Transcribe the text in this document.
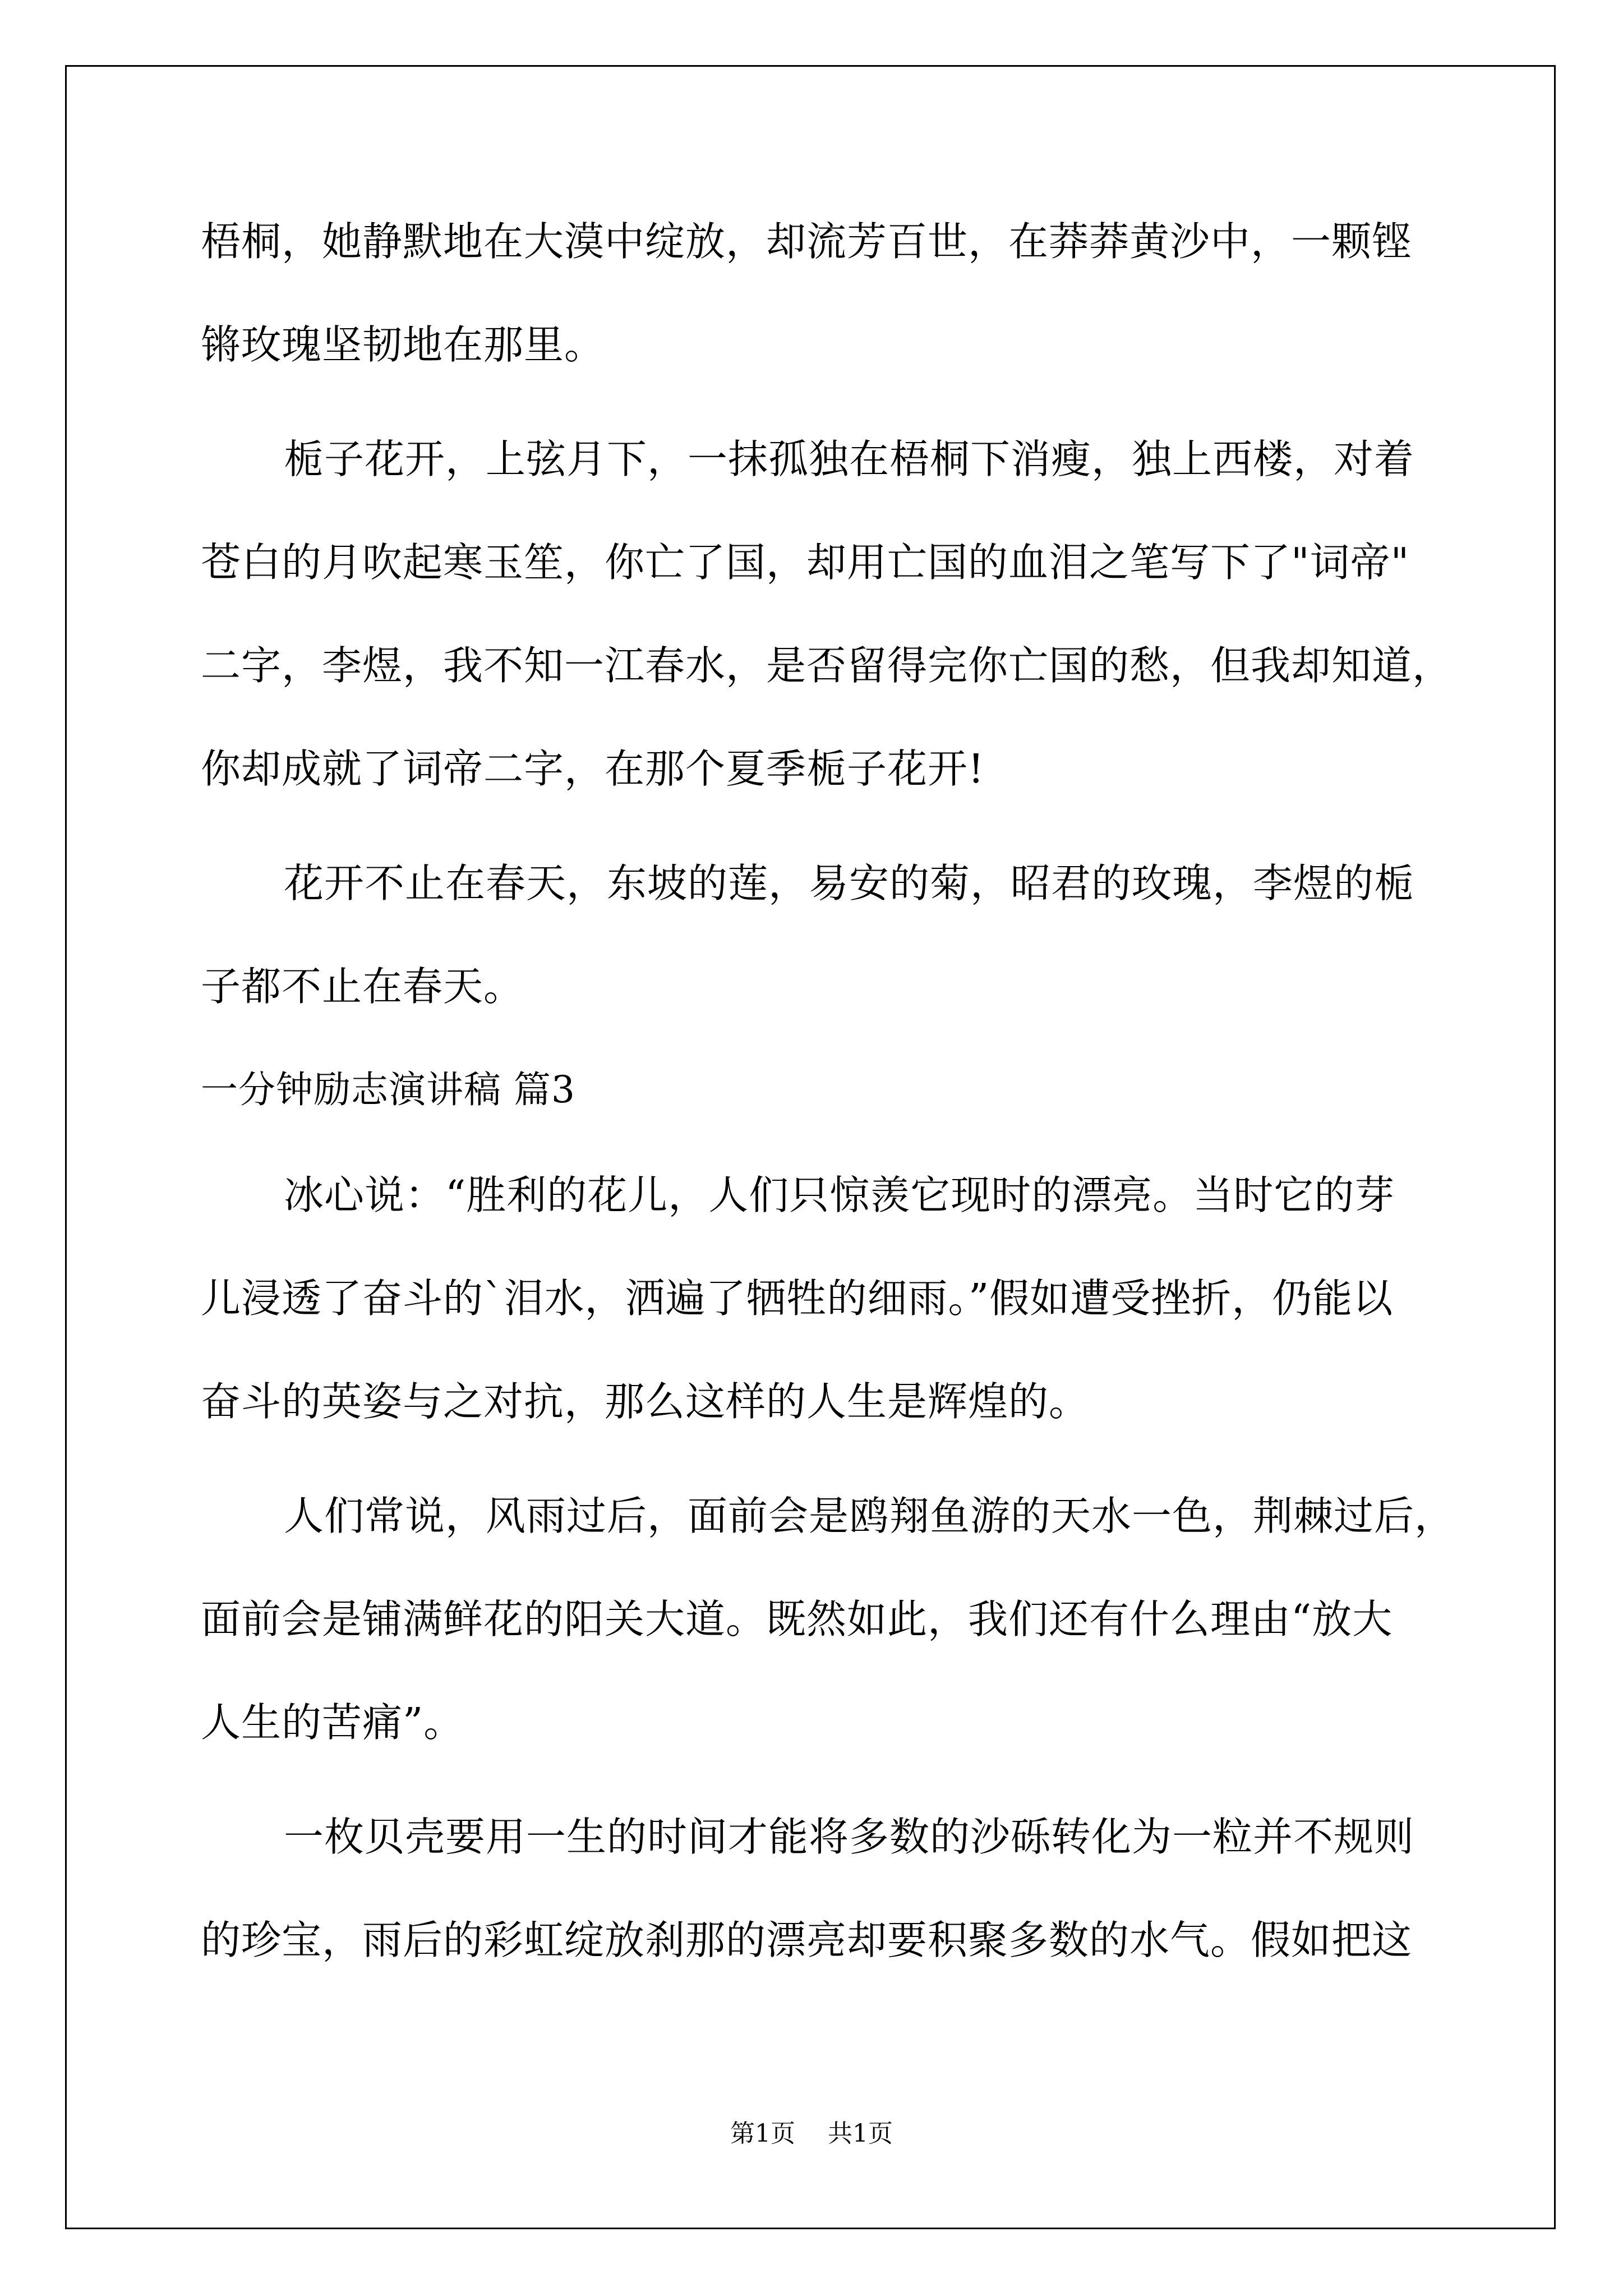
梧桐，她静默地在大漠中绽放，却流芳百世，在莽莽黄沙中，一颗铿
锵玫瑰坚韧地在那里。
栀子花开，上弦月下，一抹孤独在梧桐下消瘦，独上西楼，对着
苍白的月吹起寒玉笙，你亡了国，却用亡国的血泪之笔写下了"词帝"
二字，李煜，我不知一江春水，是否留得完你亡国的愁，但我却知道，
你却成就了词帝二字，在那个夏季栀子花开!
花开不止在春天，东坡的莲，易安的菊，昭君的玫瑰，李煜的栀
子都不止在春天。
一分钟励志演讲稿 篇3
冰心说：“胜利的花儿，人们只惊羡它现时的漂亮。当时它的芽
儿浸透了奋斗的`泪水，洒遍了牺牲的细雨。”假如遭受挫折，仍能以
奋斗的英姿与之对抗，那么这样的人生是辉煌的。
人们常说，风雨过后，面前会是鸥翔鱼游的天水一色，荆棘过后，
面前会是铺满鲜花的阳关大道。既然如此，我们还有什么理由“放大
人生的苦痛”。
一枚贝壳要用一生的时间才能将多数的沙砾转化为一粒并不规则
的珍宝，雨后的彩虹绽放刹那的漂亮却要积聚多数的水气。假如把这
第1页 共1页
